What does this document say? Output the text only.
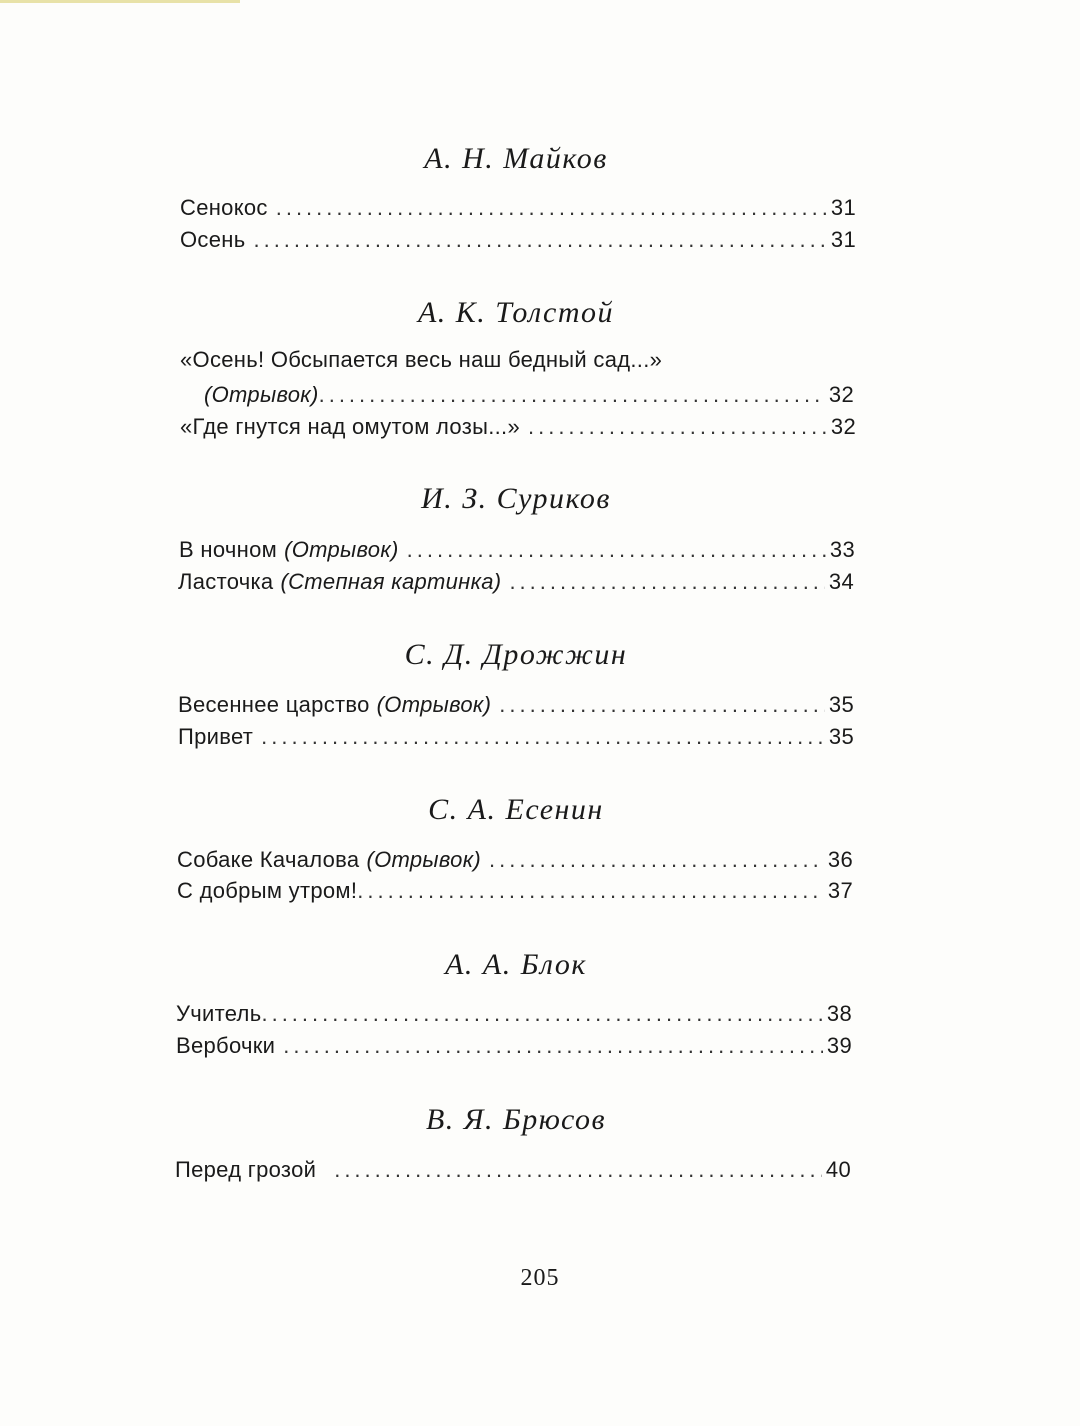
А. Н. Майков
Сенокос .....	31
Осень .....	31
А. К. Толстой
«Осень! Обсыпается весь наш бедный сад...»
(Отрывок) .....	32
«Где гнутся над омутом лозы...» .....	32
И. З. Суриков
В ночном (Отрывок) .....	33
Ласточка (Степная картинка) .....	34
С. Д. Дрожжин
Весеннее царство (Отрывок) .....	35
Привет .....	35
С. А. Есенин
Собаке Качалова (Отрывок) .....	36
С добрым утром! .....	37
А. А. Блок
Учитель .....	38
Вербочки .....	39
В. Я. Брюсов
Перед грозой .....	40
205
